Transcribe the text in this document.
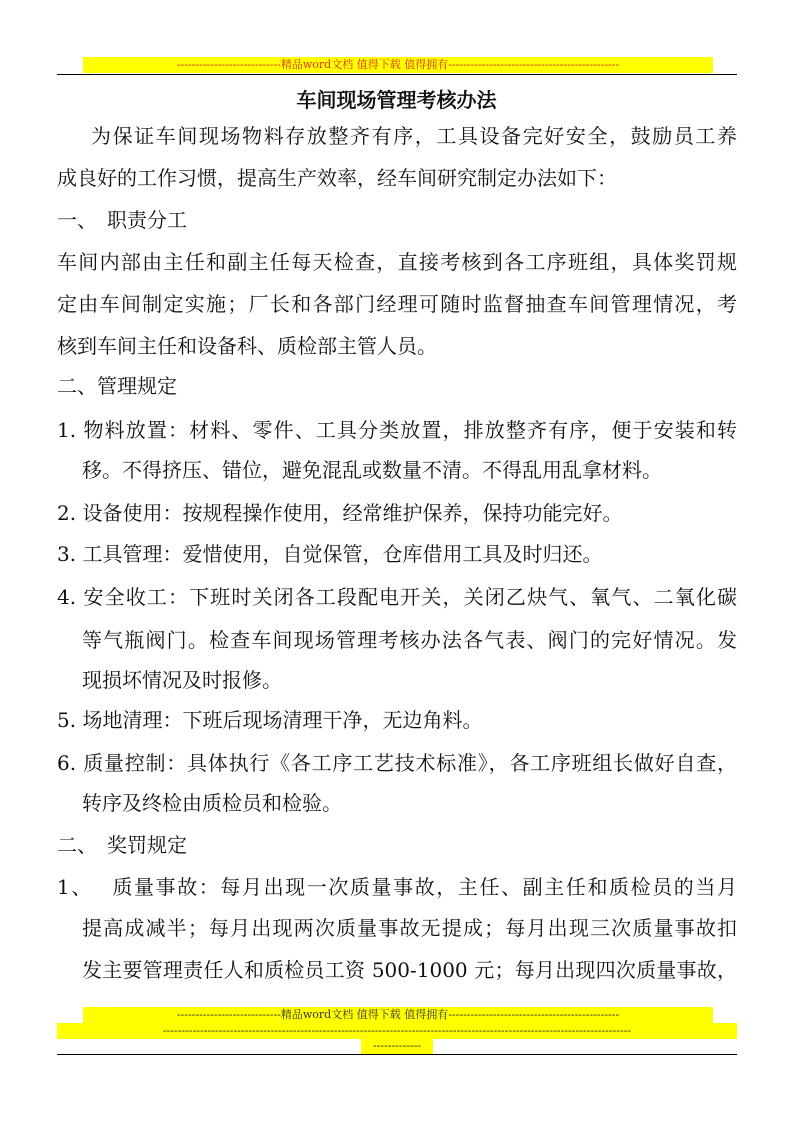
----------------------------精品word文档 值得下载 值得拥有----------------------------------------------
车间现场管理考核办法
为保证车间现场物料存放整齐有序，工具设备完好安全，鼓励员工养
成良好的工作习惯，提高生产效率，经车间研究制定办法如下：
一、　职责分工
车间内部由主任和副主任每天检查，直接考核到各工序班组，具体奖罚规
定由车间制定实施；厂长和各部门经理可随时监督抽查车间管理情况，考
核到车间主任和设备科、质检部主管人员。
二、管理规定
1. 物料放置：材料、零件、工具分类放置，排放整齐有序，便于安装和转
移。不得挤压、错位，避免混乱或数量不清。不得乱用乱拿材料。
2. 设备使用：按规程操作使用，经常维护保养，保持功能完好。
3. 工具管理：爱惜使用，自觉保管，仓库借用工具及时归还。
4. 安全收工：下班时关闭各工段配电开关，关闭乙炔气、氧气、二氧化碳
等气瓶阀门。检查车间现场管理考核办法各气表、阀门的完好情况。发
现损坏情况及时报修。
5. 场地清理：下班后现场清理干净，无边角料。
6. 质量控制：具体执行《各工序工艺技术标准》，各工序班组长做好自查，
转序及终检由质检员和检验。
二、　奖罚规定
1、　 质量事故：每月出现一次质量事故，主任、副主任和质检员的当月
提高成减半；每月出现两次质量事故无提成；每月出现三次质量事故扣
发主要管理责任人和质检员工资 500-1000 元；每月出现四次质量事故，
----------------------------精品word文档 值得下载 值得拥有----------------------------------------------
------------------------------------------------------------------------------------------------------------------------------
-------------
